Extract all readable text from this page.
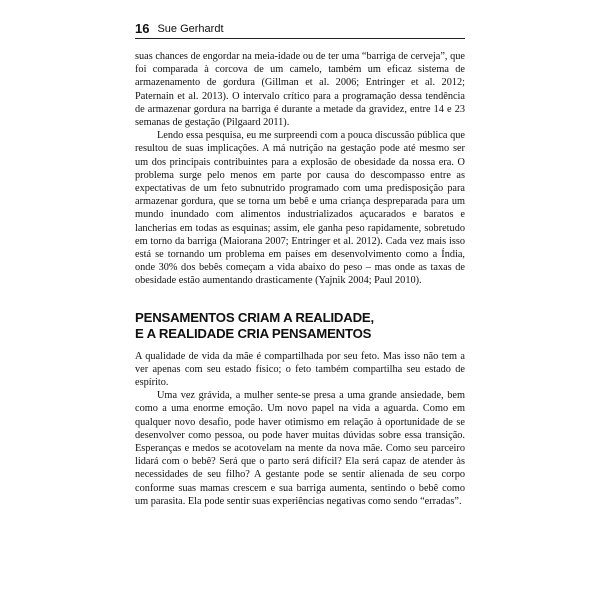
16 Sue Gerhardt

suas chances de engordar na meia-idade ou de ter uma “barriga de cerveja”, que foi comparada à corcova de um camelo, também um eficaz sistema de armazenamento de gordura (Gillman et al. 2006; Entringer et al. 2012; Paternain et al. 2013). O intervalo crítico para a programação dessa tendência de armazenar gordura na barriga é durante a metade da gravidez, entre 14 e 23 semanas de gestação (Pilgaard 2011).

Lendo essa pesquisa, eu me surpreendi com a pouca discussão pública que resultou de suas implicações. A má nutrição na gestação pode até mesmo ser um dos principais contribuintes para a explosão de obesidade da nossa era. O problema surge pelo menos em parte por causa do descompasso entre as expectativas de um feto subnutrido programado com uma predisposição para armazenar gordura, que se torna um bebê e uma criança despreparada para um mundo inundado com alimentos industrializados açucarados e baratos e lancherias em todas as esquinas; assim, ele ganha peso rapidamente, sobretudo em torno da barriga (Maiorana 2007; Entringer et al. 2012). Cada vez mais isso está se tornando um problema em países em desenvolvimento como a Índia, onde 30% dos bebês começam a vida abaixo do peso – mas onde as taxas de obesidade estão aumentando drasticamente (Yajnik 2004; Paul 2010).

PENSAMENTOS CRIAM A REALIDADE,
E A REALIDADE CRIA PENSAMENTOS

A qualidade de vida da mãe é compartilhada por seu feto. Mas isso não tem a ver apenas com seu estado físico; o feto também compartilha seu estado de espírito.

Uma vez grávida, a mulher sente-se presa a uma grande ansiedade, bem como a uma enorme emoção. Um novo papel na vida a aguarda. Como em qualquer novo desafio, pode haver otimismo em relação à oportunidade de se desenvolver como pessoa, ou pode haver muitas dúvidas sobre essa transição. Esperanças e medos se acotovelam na mente da nova mãe. Como seu parceiro lidará com o bebê? Será que o parto será difícil? Ela será capaz de atender às necessidades de seu filho? A gestante pode se sentir alienada de seu corpo conforme suas mamas crescem e sua barriga aumenta, sentindo o bebê como um parasita. Ela pode sentir suas experiências negativas como sendo “erradas”.
